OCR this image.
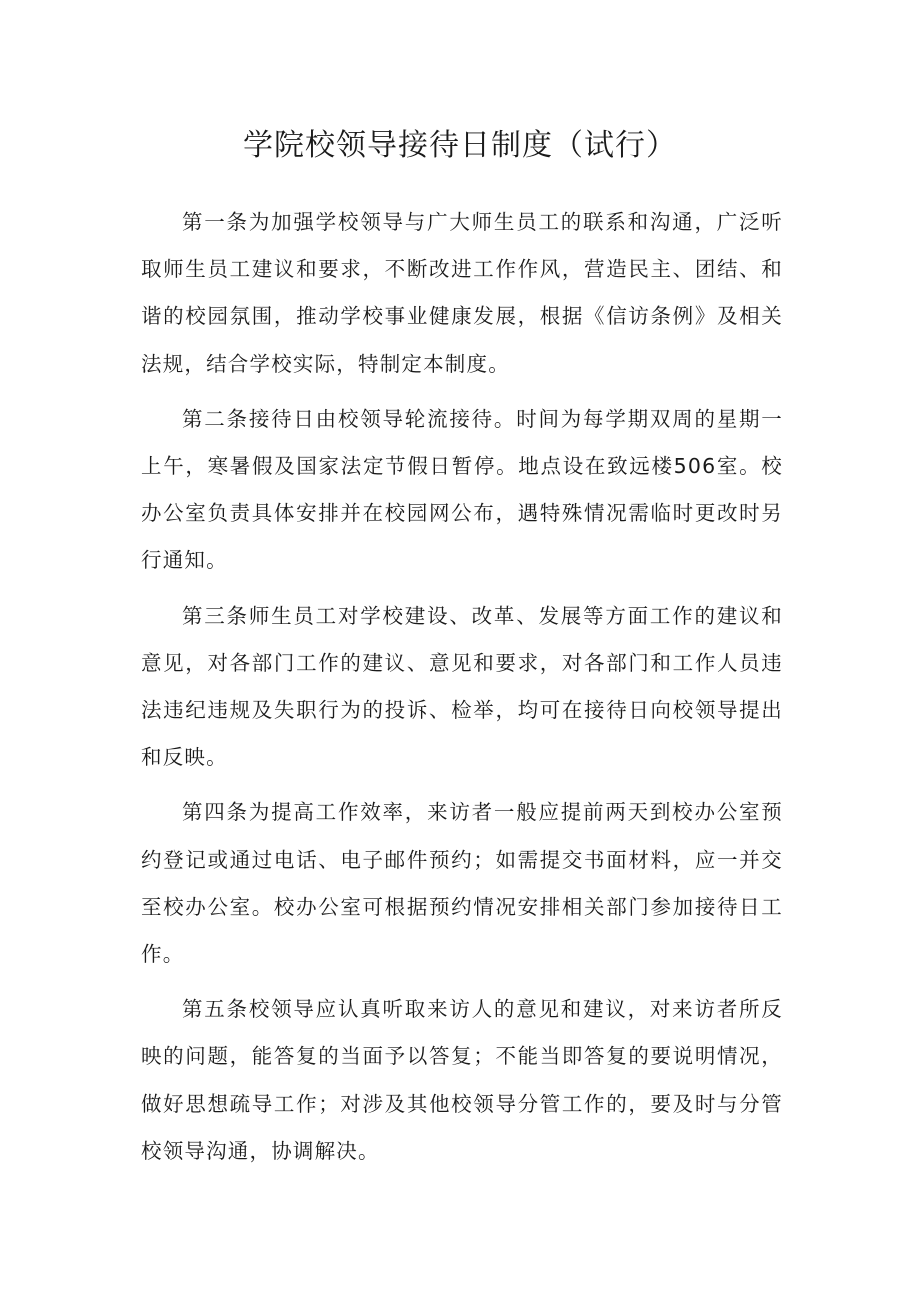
学院校领导接待日制度（试行）

第一条为加强学校领导与广大师生员工的联系和沟通，广泛听取师生员工建议和要求，不断改进工作作风，营造民主、团结、和谐的校园氛围，推动学校事业健康发展，根据《信访条例》及相关法规，结合学校实际，特制定本制度。

第二条接待日由校领导轮流接待。时间为每学期双周的星期一上午，寒暑假及国家法定节假日暂停。地点设在致远楼506室。校办公室负责具体安排并在校园网公布，遇特殊情况需临时更改时另行通知。

第三条师生员工对学校建设、改革、发展等方面工作的建议和意见，对各部门工作的建议、意见和要求，对各部门和工作人员违法违纪违规及失职行为的投诉、检举，均可在接待日向校领导提出和反映。

第四条为提高工作效率，来访者一般应提前两天到校办公室预约登记或通过电话、电子邮件预约；如需提交书面材料，应一并交至校办公室。校办公室可根据预约情况安排相关部门参加接待日工作。

第五条校领导应认真听取来访人的意见和建议，对来访者所反映的问题，能答复的当面予以答复；不能当即答复的要说明情况，做好思想疏导工作；对涉及其他校领导分管工作的，要及时与分管校领导沟通，协调解决。
